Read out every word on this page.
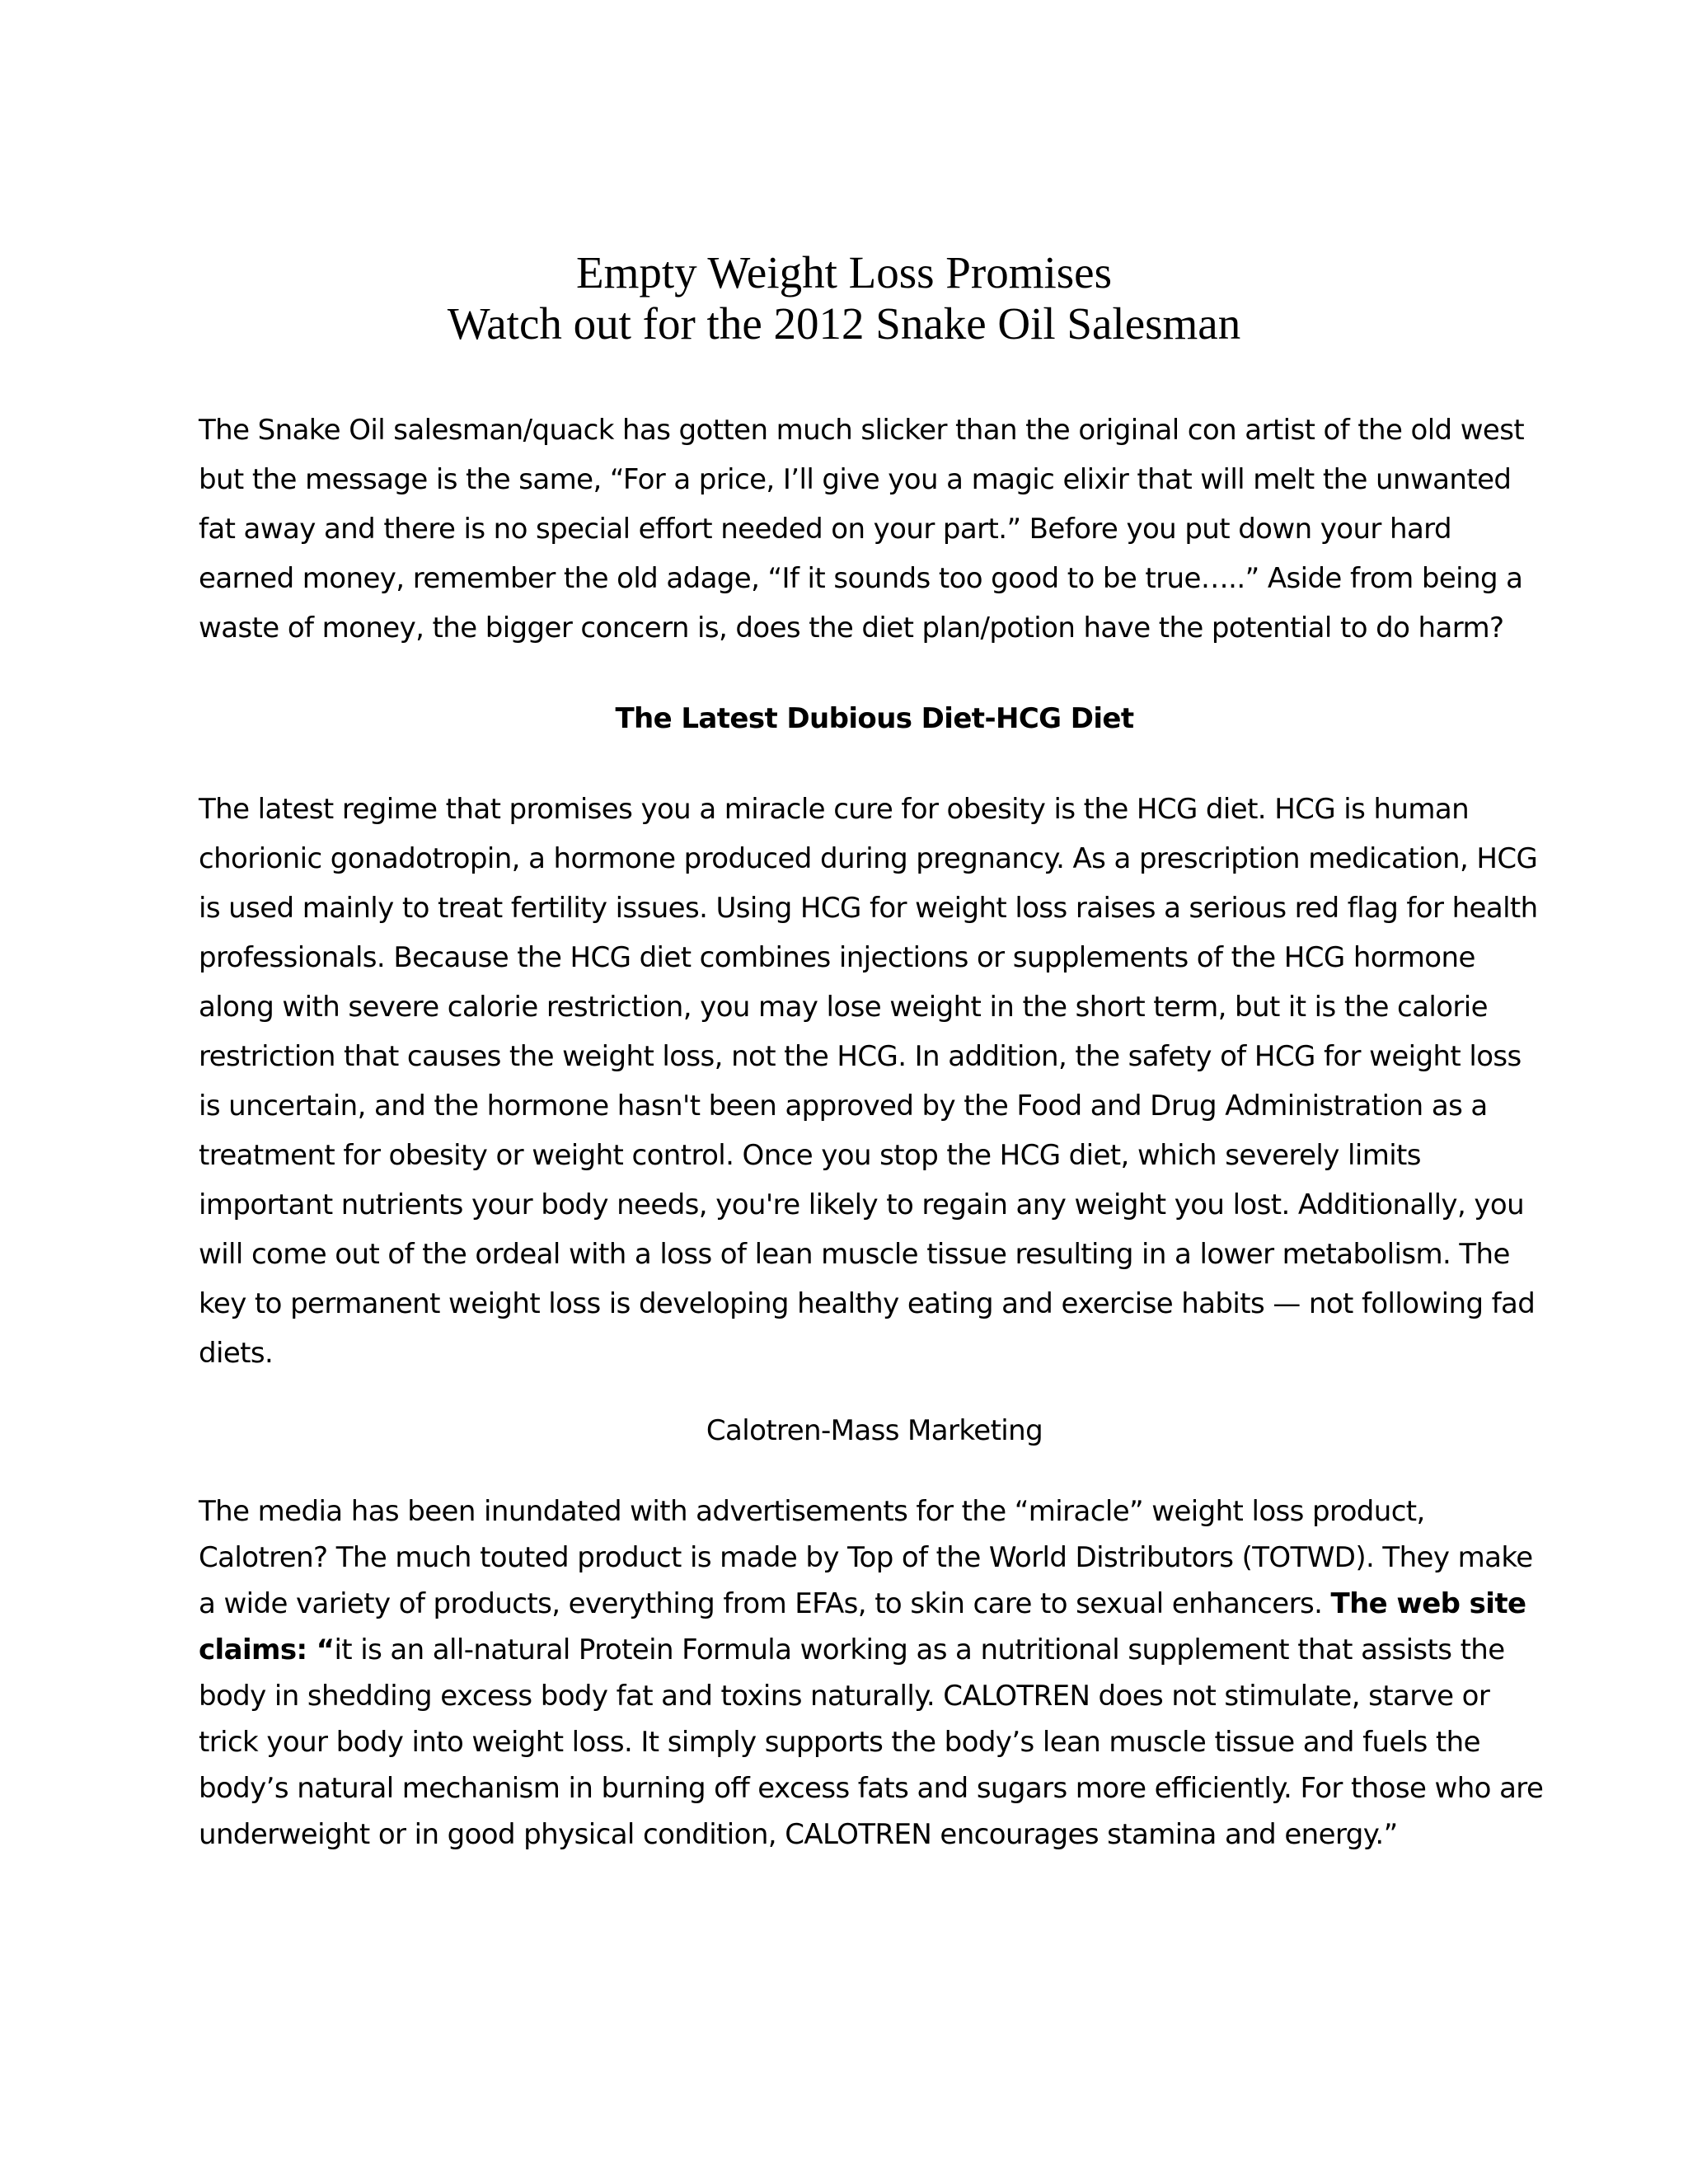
Empty Weight Loss Promises
Watch out for the 2012 Snake Oil Salesman

The Snake Oil salesman/quack has gotten much slicker than the original con artist of the old west but the message is the same, “For a price, I’ll give you a magic elixir that will melt the unwanted fat away and there is no special effort needed on your part.” Before you put down your hard earned money, remember the old adage, “If it sounds too good to be true…..” Aside from being a waste of money, the bigger concern is, does the diet plan/potion have the potential to do harm?

The Latest Dubious Diet-HCG Diet

The latest regime that promises you a miracle cure for obesity is the HCG diet. HCG is human chorionic gonadotropin, a hormone produced during pregnancy. As a prescription medication, HCG is used mainly to treat fertility issues. Using HCG for weight loss raises a serious red flag for health professionals. Because the HCG diet combines injections or supplements of the HCG hormone along with severe calorie restriction, you may lose weight in the short term, but it is the calorie restriction that causes the weight loss, not the HCG. In addition, the safety of HCG for weight loss is uncertain, and the hormone hasn't been approved by the Food and Drug Administration as a treatment for obesity or weight control. Once you stop the HCG diet, which severely limits important nutrients your body needs, you're likely to regain any weight you lost. Additionally, you will come out of the ordeal with a loss of lean muscle tissue resulting in a lower metabolism. The key to permanent weight loss is developing healthy eating and exercise habits — not following fad diets.

Calotren-Mass Marketing

The media has been inundated with advertisements for the “miracle” weight loss product, Calotren? The much touted product is made by Top of the World Distributors (TOTWD). They make a wide variety of products, everything from EFAs, to skin care to sexual enhancers. The web site claims: “it is an all-natural Protein Formula working as a nutritional supplement that assists the body in shedding excess body fat and toxins naturally. CALOTREN does not stimulate, starve or trick your body into weight loss. It simply supports the body’s lean muscle tissue and fuels the body’s natural mechanism in burning off excess fats and sugars more efficiently. For those who are underweight or in good physical condition, CALOTREN encourages stamina and energy.”
